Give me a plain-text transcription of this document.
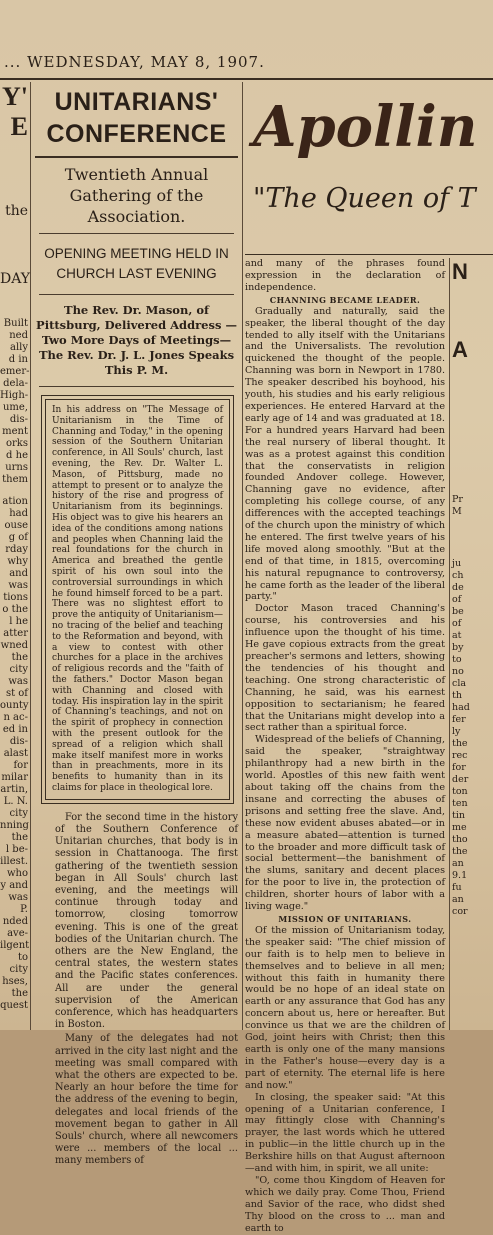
... WEDNESDAY, MAY 8, 1907.
Y'
E
the
DAY
Built
ned
ally
d in
emer-
dela-
High-
ume,
dis-
ment
orks
d he
urns
them
ation
had
ouse
g of
rday
why
and
was
tions
o the
l he
atter
wned
the
city
was
st of
ounty
n ac-
ed in
dis-
alast
for
milar
artin,
L. N.
city
nning
the
l be-
illest.
who
y and
was
P.
nded
ave-
ilgent
to
city
hses,
the
quest
UNITARIANS' CONFERENCE
Twentieth Annual Gathering of the Association.
OPENING MEETING HELD IN CHURCH LAST EVENING
The Rev. Dr. Mason, of Pittsburg, Delivered Address — Two More Days of Meetings—The Rev. Dr. J. L. Jones Speaks This P. M.
In his address on "The Message of Unitarianism in the Time of Channing and Today," in the opening session of the Southern Unitarian conference, in All Souls' church, last evening, the Rev. Dr. Walter L. Mason, of Pittsburg, made no attempt to present or to analyze the history of the rise and progress of Unitarianism from its beginnings. His object was to give his hearers an idea of the conditions among nations and peoples when Channing laid the real foundations for the church in America and breathed the gentle spirit of his own soul into the controversial surroundings in which he found himself forced to be a part. There was no slightest effort to prove the antiquity of Unitarianism—no tracing of the belief and teaching to the Reformation and beyond, with a view to contest with other churches for a place in the archives of religious records and the "faith of the fathers." Doctor Mason began with Channing and closed with today. His inspiration lay in the spirit of Channing's teachings, and not on the spirit of prophecy in connection with the present outlook for the spread of a religion which shall make itself manifest more in works than in preachments, more in its benefits to humanity than in its claims for place in theological lore.

For the second time in the history of the Southern Conference of Unitarian churches, that body is in session in Chattanooga. The first gathering of the twentieth session began in All Souls' church last evening, and the meetings will continue through today and tomorrow, closing tomorrow evening. This is one of the great bodies of the Unitarian church. The others are the New England, the central states, the western states and the Pacific states conferences. All are under the general supervision of the American conference, which has headquarters in Boston.

Many of the delegates had not arrived in the city last night and the meeting was small compared with what the others are expected to be. Nearly an hour before the time for the address of the evening to begin, delegates and local friends of the movement began to gather in All Souls' church, where all newcomers were ... members of the local ... many members of

Apollin
"The Queen of T

and many of the phrases found expression in the declaration of independence.

CHANNING BECAME LEADER.

Gradually and naturally, said the speaker, the liberal thought of the day tended to ally itself with the Unitarians and the Universalists. The revolution quickened the thought of the people. Channing was born in Newport in 1780. The speaker described his boyhood, his youth, his studies and his early religious experiences. He entered Harvard at the early age of 14 and was graduated at 18. For a hundred years Harvard had been the real nursery of liberal thought. It was as a protest against this condition that the conservatists in religion founded Andover college. However, Channing gave no evidence, after completing his college course, of any differences with the accepted teachings of the church upon the ministry of which he entered. The first twelve years of his life moved along smoothly. "But at the end of that time, in 1815, overcoming his natural repugnance to controversy, he came forth as the leader of the liberal party."

Doctor Mason traced Channing's course, his controversies and his influence upon the thought of his time. He gave copious extracts from the great preacher's sermons and letters, showing the tendencies of his thought and teaching. One strong characteristic of Channing, he said, was his earnest opposition to sectarianism; he feared that the Unitarians might develop into a sect rather than a spiritual force.

Widespread of the beliefs of Channing, said the speaker, "straightway philanthropy had a new birth in the world. Apostles of this new faith went about taking off the chains from the insane and correcting the abuses of prisons and setting free the slave. And, these now evident abuses abated—or in a measure abated—attention is turned to the broader and more difficult task of social betterment—the banishment of the slums, sanitary and decent places for the poor to live in, the protection of children, shorter hours of labor with a living wage."

MISSION OF UNITARIANS.

Of the mission of Unitarianism today, the speaker said: "The chief mission of our faith is to help men to believe in themselves and to believe in all men; without this faith in humanity there would be no hope of an ideal state on earth or any assurance that God has any concern about us, here or hereafter. But convince us that we are the children of God, joint heirs with Christ; then this earth is only one of the many mansions in the Father's house—every day is a part of eternity. The eternal life is here and now."

In closing, the speaker said: "At this opening of a Unitarian conference, I may fittingly close with Channing's prayer, the last words which he uttered in public—in the little church up in the Berkshire hills on that August afternoon—and with him, in spirit, we all unite:

"O, come thou Kingdom of Heaven for which we daily pray. Come Thou, Friend and Savior of the race, who didst shed Thy blood on the cross to ... man and earth to

N
A
Pr
M
ju
ch
de
of
be
of
at
by
to
no
cla
th
had
fer
ly
the
rec
for
der
ton
ten
tin
me
tho
the
an
9.1
fu
an
cor
